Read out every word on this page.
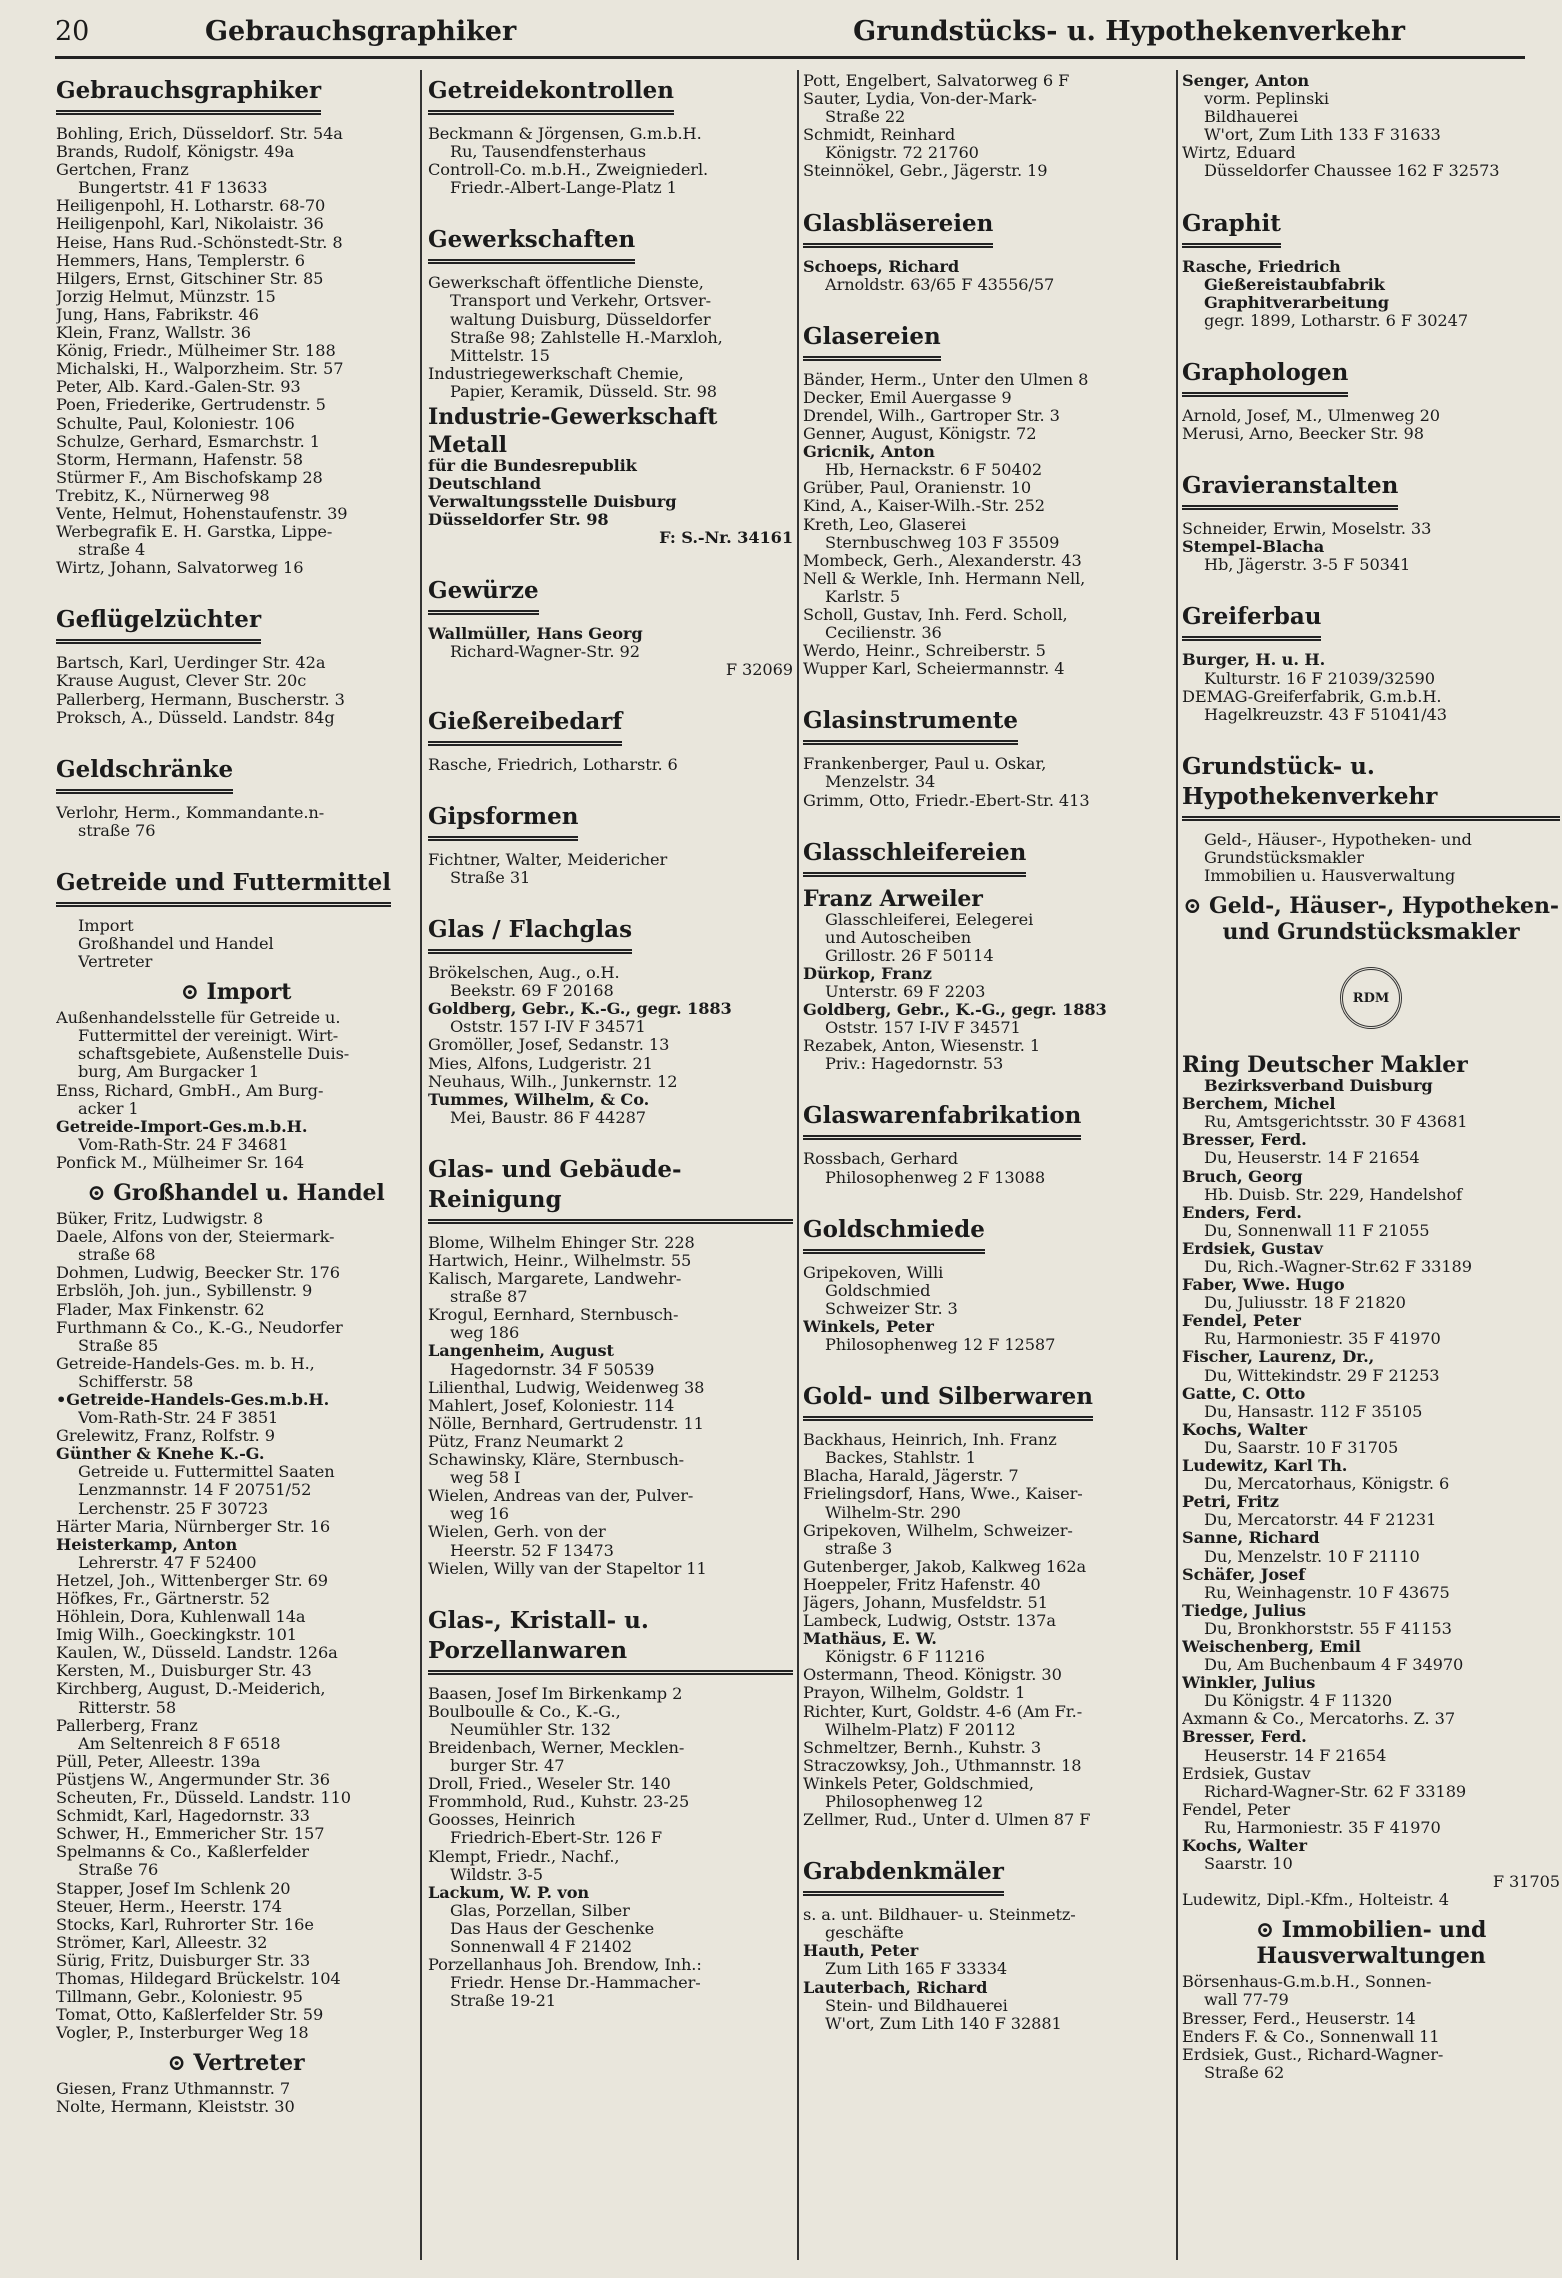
20	Gebrauchsgraphiker	Grundstücks- u. Hypothekenverkehr
Gebrauchsgraphiker
Bohling, Erich, Düsseldorf. Str. 54a
Brands, Rudolf, Königstr. 49a
Gertchen, Franz
Bungertstr. 41 F 13633
Heiligenpohl, H. Lotharstr. 68-70
Heiligenpohl, Karl, Nikolaistr. 36
Heise, Hans Rud.-Schönstedt-Str. 8
Hemmers, Hans, Templerstr. 6
Hilgers, Ernst, Gitschiner Str. 85
Jorzig Helmut, Münzstr. 15
Jung, Hans, Fabrikstr. 46
Klein, Franz, Wallstr. 36
König, Friedr., Mülheimer Str. 188
Michalski, H., Walporzheim. Str. 57
Peter, Alb. Kard.-Galen-Str. 93
Poen, Friederike, Gertrudenstr. 5
Schulte, Paul, Koloniestr. 106
Schulze, Gerhard, Esmarchstr. 1
Storm, Hermann, Hafenstr. 58
Stürmer F., Am Bischofskamp 28
Trebitz, K., Nürnerweg 98
Vente, Helmut, Hohenstaufenstr. 39
Werbegrafik E. H. Garstka, Lippe-
straße 4
Wirtz, Johann, Salvatorweg 16
Geflügelzüchter
Bartsch, Karl, Uerdinger Str. 42a
Krause August, Clever Str. 20c
Pallerberg, Hermann, Buscherstr. 3
Proksch, A., Düsseld. Landstr. 84g
Geldschränke
Verlohr, Herm., Kommandante.n-
straße 76
Getreide und Futtermittel
Import
Großhandel und Handel
Vertreter
⊙ Import
Außenhandelsstelle für Getreide u.
Futtermittel der vereinigt. Wirt-
schaftsgebiete, Außenstelle Duis-
burg, Am Burgacker 1
Enss, Richard, GmbH., Am Burg-
acker 1
Getreide-Import-Ges.m.b.H.
Vom-Rath-Str. 24 F 34681
Ponfick M., Mülheimer Sr. 164
⊙ Großhandel u. Handel
Büker, Fritz, Ludwigstr. 8
Daele, Alfons von der, Steiermark-
straße 68
Dohmen, Ludwig, Beecker Str. 176
Erbslöh, Joh. jun., Sybillenstr. 9
Flader, Max Finkenstr. 62
Furthmann & Co., K.-G., Neudorfer
Straße 85
Getreide-Handels-Ges. m. b. H.,
Schifferstr. 58
•Getreide-Handels-Ges.m.b.H.
Vom-Rath-Str. 24 F 3851
Grelewitz, Franz, Rolfstr. 9
Günther & Knehe K.-G.
Getreide u. Futtermittel Saaten
Lenzmannstr. 14 F 20751/52
Lerchenstr. 25 F 30723
Härter Maria, Nürnberger Str. 16
Heisterkamp, Anton
Lehrerstr. 47 F 52400
Hetzel, Joh., Wittenberger Str. 69
Höfkes, Fr., Gärtnerstr. 52
Höhlein, Dora, Kuhlenwall 14a
Imig Wilh., Goeckingkstr. 101
Kaulen, W., Düsseld. Landstr. 126a
Kersten, M., Duisburger Str. 43
Kirchberg, August, D.-Meiderich,
Ritterstr. 58
Pallerberg, Franz
Am Seltenreich 8 F 6518
Püll, Peter, Alleestr. 139a
Püstjens W., Angermunder Str. 36
Scheuten, Fr., Düsseld. Landstr. 110
Schmidt, Karl, Hagedornstr. 33
Schwer, H., Emmericher Str. 157
Spelmanns & Co., Kaßlerfelder
Straße 76
Stapper, Josef Im Schlenk 20
Steuer, Herm., Heerstr. 174
Stocks, Karl, Ruhrorter Str. 16e
Strömer, Karl, Alleestr. 32
Sürig, Fritz, Duisburger Str. 33
Thomas, Hildegard Brückelstr. 104
Tillmann, Gebr., Koloniestr. 95
Tomat, Otto, Kaßlerfelder Str. 59
Vogler, P., Insterburger Weg 18
⊙ Vertreter
Giesen, Franz Uthmannstr. 7
Nolte, Hermann, Kleiststr. 30
Getreidekontrollen
Beckmann & Jörgensen, G.m.b.H.
Ru, Tausendfensterhaus
Controll-Co. m.b.H., Zweigniederl.
Friedr.-Albert-Lange-Platz 1
Gewerkschaften
Gewerkschaft öffentliche Dienste,
Transport und Verkehr, Ortsver-
waltung Duisburg, Düsseldorfer
Straße 98; Zahlstelle H.-Marxloh,
Mittelstr. 15
Industriegewerkschaft Chemie,
Papier, Keramik, Düsseld. Str. 98
Industrie-Gewerkschaft
Metall
für die Bundesrepublik
Deutschland
Verwaltungsstelle Duisburg
Düsseldorfer Str. 98
F: S.-Nr. 34161
Gewürze
Wallmüller, Hans Georg
Richard-Wagner-Str. 92
F 32069
Gießereibedarf
Rasche, Friedrich, Lotharstr. 6
Gipsformen
Fichtner, Walter, Meidericher
Straße 31
Glas / Flachglas
Brökelschen, Aug., o.H.
Beekstr. 69 F 20168
Goldberg, Gebr., K.-G., gegr. 1883
Oststr. 157 I-IV F 34571
Gromöller, Josef, Sedanstr. 13
Mies, Alfons, Ludgeristr. 21
Neuhaus, Wilh., Junkernstr. 12
Tummes, Wilhelm, & Co.
Mei, Baustr. 86 F 44287
Glas- und Gebäude-Reinigung
Blome, Wilhelm Ehinger Str. 228
Hartwich, Heinr., Wilhelmstr. 55
Kalisch, Margarete, Landwehr-
straße 87
Krogul, Eernhard, Sternbusch-
weg 186
Langenheim, August
Hagedornstr. 34 F 50539
Lilienthal, Ludwig, Weidenweg 38
Mahlert, Josef, Koloniestr. 114
Nölle, Bernhard, Gertrudenstr. 11
Pütz, Franz Neumarkt 2
Schawinsky, Kläre, Sternbusch-
weg 58 I
Wielen, Andreas van der, Pulver-
weg 16
Wielen, Gerh. von der
Heerstr. 52 F 13473
Wielen, Willy van der Stapeltor 11
Glas-, Kristall- u. Porzellanwaren
Baasen, Josef Im Birkenkamp 2
Boulboulle & Co., K.-G.,
Neumühler Str. 132
Breidenbach, Werner, Mecklen-
burger Str. 47
Droll, Fried., Weseler Str. 140
Frommhold, Rud., Kuhstr. 23-25
Goosses, Heinrich
Friedrich-Ebert-Str. 126 F
Klempt, Friedr., Nachf.,
Wildstr. 3-5
Lackum, W. P. von
Glas, Porzellan, Silber
Das Haus der Geschenke
Sonnenwall 4 F 21402
Porzellanhaus Joh. Brendow, Inh.:
Friedr. Hense Dr.-Hammacher-
Straße 19-21
Pott, Engelbert, Salvatorweg 6 F
Sauter, Lydia, Von-der-Mark-
Straße 22
Schmidt, Reinhard
Königstr. 72 21760
Steinnökel, Gebr., Jägerstr. 19
Glasbläsereien
Schoeps, Richard
Arnoldstr. 63/65 F 43556/57
Glasereien
Bänder, Herm., Unter den Ulmen 8
Decker, Emil Auergasse 9
Drendel, Wilh., Gartroper Str. 3
Genner, August, Königstr. 72
Gricnik, Anton
Hb, Hernackstr. 6 F 50402
Grüber, Paul, Oranienstr. 10
Kind, A., Kaiser-Wilh.-Str. 252
Kreth, Leo, Glaserei
Sternbuschweg 103 F 35509
Mombeck, Gerh., Alexanderstr. 43
Nell & Werkle, Inh. Hermann Nell,
Karlstr. 5
Scholl, Gustav, Inh. Ferd. Scholl,
Cecilienstr. 36
Werdo, Heinr., Schreiberstr. 5
Wupper Karl, Scheiermannstr. 4
Glasinstrumente
Frankenberger, Paul u. Oskar,
Menzelstr. 34
Grimm, Otto, Friedr.-Ebert-Str. 413
Glasschleifereien
Franz Arweiler
Glasschleiferei, Eelegerei
und Autoscheiben
Grillostr. 26 F 50114
Dürkop, Franz
Unterstr. 69 F 2203
Goldberg, Gebr., K.-G., gegr. 1883
Oststr. 157 I-IV F 34571
Rezabek, Anton, Wiesenstr. 1
Priv.: Hagedornstr. 53
Glaswarenfabrikation
Rossbach, Gerhard
Philosophenweg 2 F 13088
Goldschmiede
Gripekoven, Willi
Goldschmied
Schweizer Str. 3
Winkels, Peter
Philosophenweg 12 F 12587
Gold- und Silberwaren
Backhaus, Heinrich, Inh. Franz
Backes, Stahlstr. 1
Blacha, Harald, Jägerstr. 7
Frielingsdorf, Hans, Wwe., Kaiser-
Wilhelm-Str. 290
Gripekoven, Wilhelm, Schweizer-
straße 3
Gutenberger, Jakob, Kalkweg 162a
Hoeppeler, Fritz Hafenstr. 40
Jägers, Johann, Musfeldstr. 51
Lambeck, Ludwig, Oststr. 137a
Mathäus, E. W.
Königstr. 6 F 11216
Ostermann, Theod. Königstr. 30
Prayon, Wilhelm, Goldstr. 1
Richter, Kurt, Goldstr. 4-6 (Am Fr.-
Wilhelm-Platz) F 20112
Schmeltzer, Bernh., Kuhstr. 3
Straczowksy, Joh., Uthmannstr. 18
Winkels Peter, Goldschmied,
Philosophenweg 12
Zellmer, Rud., Unter d. Ulmen 87 F
Grabdenkmäler
s. a. unt. Bildhauer- u. Steinmetz-
geschäfte
Hauth, Peter
Zum Lith 165 F 33334
Lauterbach, Richard
Stein- und Bildhauerei
W'ort, Zum Lith 140 F 32881
Senger, Anton
vorm. Peplinski
Bildhauerei
W'ort, Zum Lith 133 F 31633
Wirtz, Eduard
Düsseldorfer Chaussee 162 F 32573
Graphit
Rasche, Friedrich
Gießereistaubfabrik
Graphitverarbeitung
gegr. 1899, Lotharstr. 6 F 30247
Graphologen
Arnold, Josef, M., Ulmenweg 20
Merusi, Arno, Beecker Str. 98
Gravieranstalten
Schneider, Erwin, Moselstr. 33
Stempel-Blacha
Hb, Jägerstr. 3-5 F 50341
Greiferbau
Burger, H. u. H.
Kulturstr. 16 F 21039/32590
DEMAG-Greiferfabrik, G.m.b.H.
Hagelkreuzstr. 43 F 51041/43
Grundstück- u. Hypothekenverkehr
Geld-, Häuser-, Hypotheken- und
Grundstücksmakler
Immobilien u. Hausverwaltung
⊙ Geld-, Häuser-, Hypotheken- und Grundstücksmakler
RDM
Ring Deutscher Makler
Bezirksverband Duisburg
Berchem, Michel
Ru, Amtsgerichtsstr. 30 F 43681
Bresser, Ferd.
Du, Heuserstr. 14 F 21654
Bruch, Georg
Hb. Duisb. Str. 229, Handelshof
Enders, Ferd.
Du, Sonnenwall 11 F 21055
Erdsiek, Gustav
Du, Rich.-Wagner-Str.62 F 33189
Faber, Wwe. Hugo
Du, Juliusstr. 18 F 21820
Fendel, Peter
Ru, Harmoniestr. 35 F 41970
Fischer, Laurenz, Dr.,
Du, Wittekindstr. 29 F 21253
Gatte, C. Otto
Du, Hansastr. 112 F 35105
Kochs, Walter
Du, Saarstr. 10 F 31705
Ludewitz, Karl Th.
Du, Mercatorhaus, Königstr. 6
Petri, Fritz
Du, Mercatorstr. 44 F 21231
Sanne, Richard
Du, Menzelstr. 10 F 21110
Schäfer, Josef
Ru, Weinhagenstr. 10 F 43675
Tiedge, Julius
Du, Bronkhorststr. 55 F 41153
Weischenberg, Emil
Du, Am Buchenbaum 4 F 34970
Winkler, Julius
Du Königstr. 4 F 11320
Axmann & Co., Mercatorhs. Z. 37
Bresser, Ferd.
Heuserstr. 14 F 21654
Erdsiek, Gustav
Richard-Wagner-Str. 62 F 33189
Fendel, Peter
Ru, Harmoniestr. 35 F 41970
Kochs, Walter
Saarstr. 10
F 31705
Ludewitz, Dipl.-Kfm., Holteistr. 4
⊙ Immobilien- und Hausverwaltungen
Börsenhaus-G.m.b.H., Sonnen-
wall 77-79
Bresser, Ferd., Heuserstr. 14
Enders F. & Co., Sonnenwall 11
Erdsiek, Gust., Richard-Wagner-
Straße 62
